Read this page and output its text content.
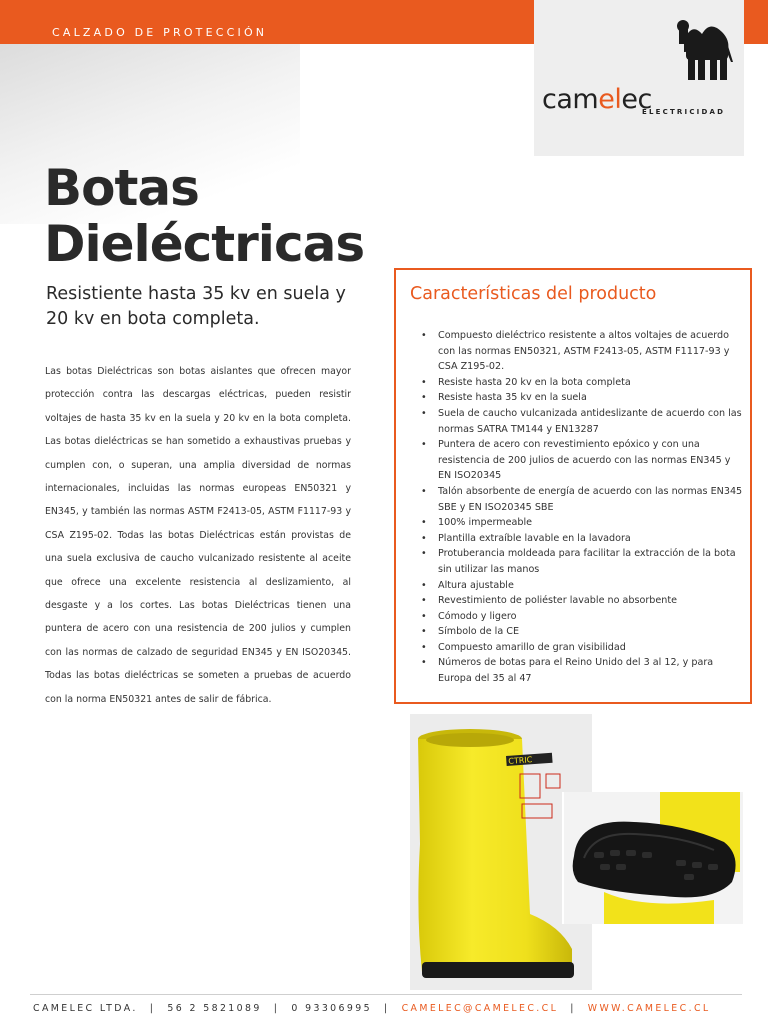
CALZADO DE PROTECCIÓN
camelec
ELECTRICIDAD
Botas
Dieléctricas

Resistiente hasta 35 kv en suela y 20 kv en bota completa.

Las botas Dieléctricas son botas aislantes que ofrecen mayor protección contra las descargas eléctricas, pueden resistir voltajes de hasta 35 kv en la suela y 20 kv en la bota completa. Las botas dieléctricas se han sometido a exhaustivas pruebas y cumplen con, o superan, una amplia diversidad de normas internacionales, incluidas las normas europeas EN50321 y EN345, y también las normas ASTM F2413-05, ASTM F1117-93 y CSA Z195-02. Todas las botas Dieléctricas están provistas de una suela exclusiva de caucho vulcanizado resistente al aceite que ofrece una excelente resistencia al deslizamiento, al desgaste y a los cortes. Las botas Dieléctricas tienen una puntera de acero con una resistencia de 200 julios y cumplen con las normas de calzado de seguridad EN345 y EN ISO20345. Todas las botas dieléctricas se someten a pruebas de acuerdo con la norma EN50321 antes de salir de fábrica.

Características del producto
• Compuesto dieléctrico resistente a altos voltajes de acuerdo con las normas EN50321, ASTM F2413-05, ASTM F1117-93 y CSA Z195-02.
• Resiste hasta 20 kv en la bota completa
• Resiste hasta 35 kv en la suela
• Suela de caucho vulcanizada antideslizante de acuerdo con las normas SATRA TM144 y EN13287
• Puntera de acero con revestimiento epóxico y con una resistencia de 200 julios de acuerdo con las normas EN345 y EN ISO20345
• Talón absorbente de energía de acuerdo con las normas EN345 SBE y EN ISO20345 SBE
• 100% impermeable
• Plantilla extraíble lavable en la lavadora
• Protuberancia moldeada para facilitar la extracción de la bota sin utilizar las manos
• Altura ajustable
• Revestimiento de poliéster lavable no absorbente
• Cómodo y ligero
• Símbolo de la CE
• Compuesto amarillo de gran visibilidad
• Números de botas para el Reino Unido del 3 al 12, y para Europa del 35 al 47
CTRIC
CAMELEC LTDA. | 56 2 5821089 | 0 93306995 | CAMELEC@CAMELEC.CL | WWW.CAMELEC.CL
